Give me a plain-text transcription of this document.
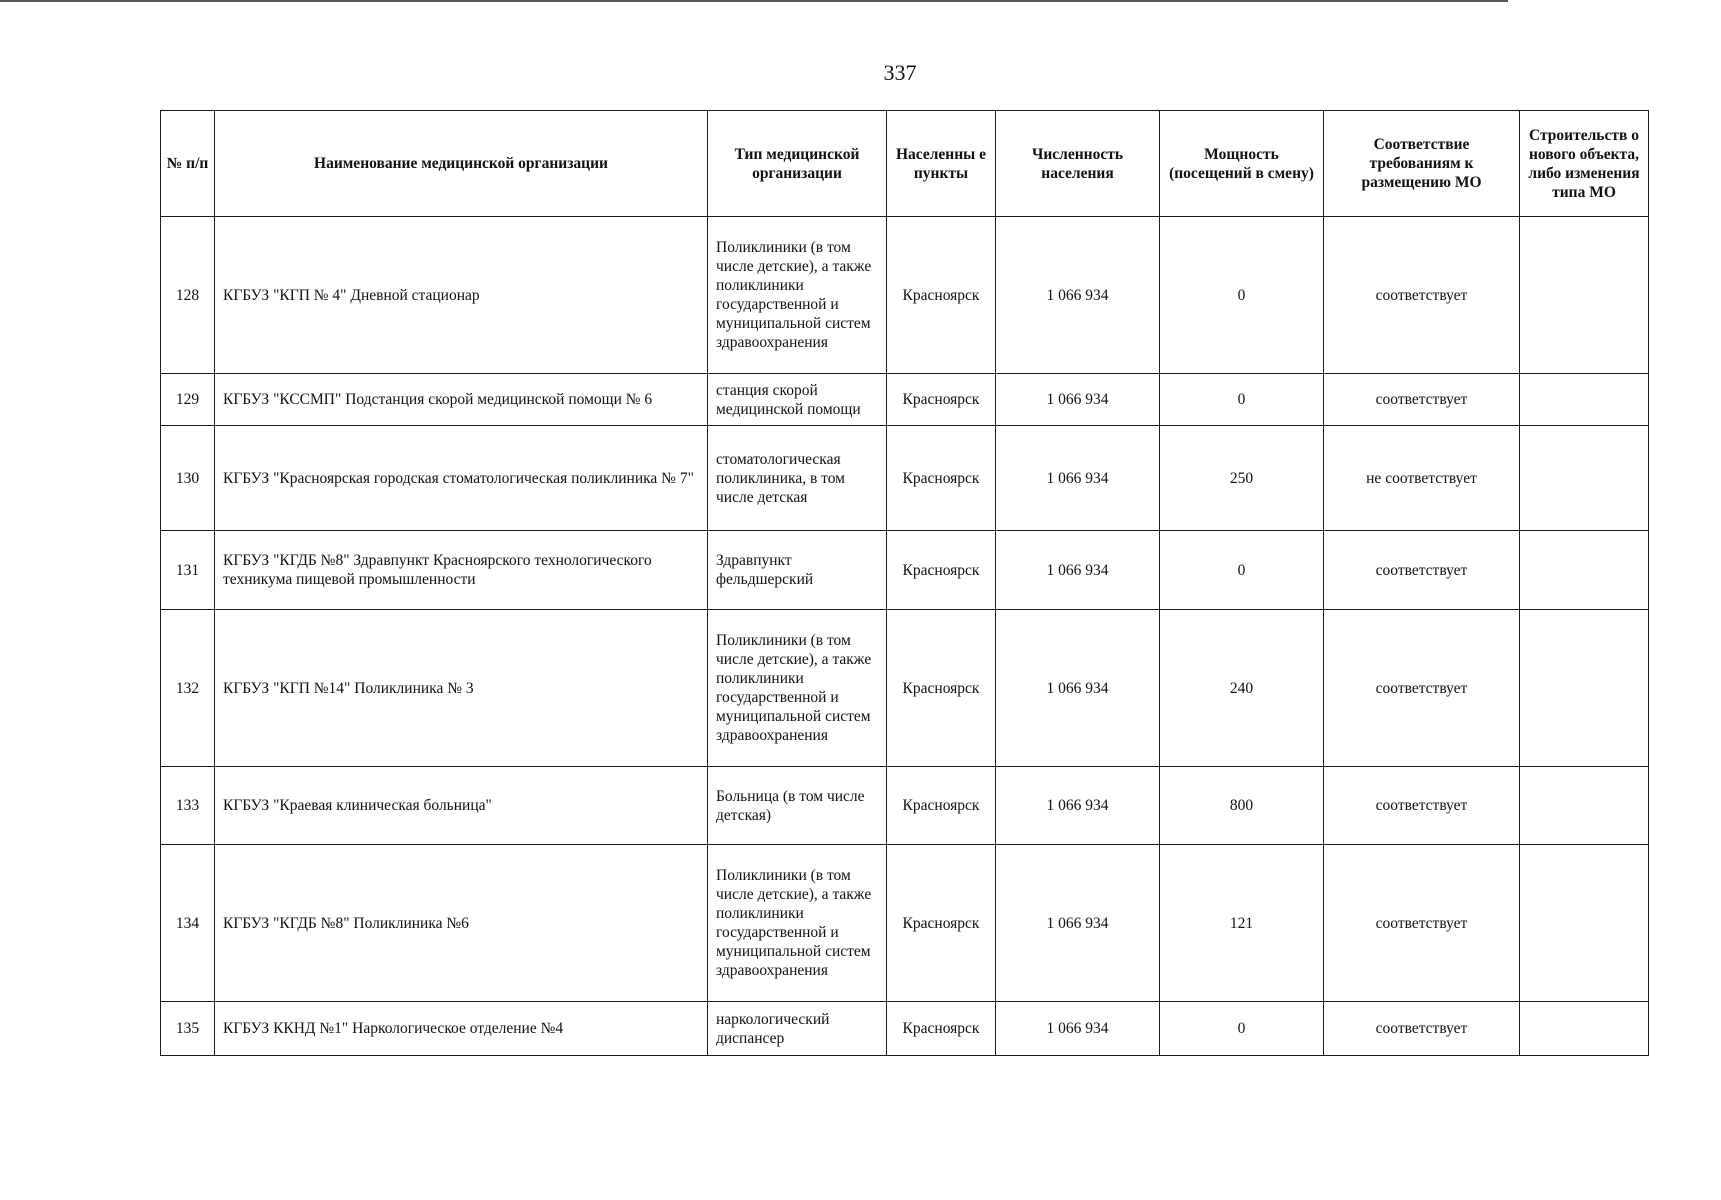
337
№ п/п	Наименование медицинской организации	Тип медицинской организации	Населенны е пункты	Численность населения	Мощность (посещений в смену)	Соответствие требованиям к размещению МО	Строительств о нового объекта, либо изменения типа МО
128	КГБУЗ "КГП № 4" Дневной стационар	Поликлиники (в том числе детские), а также поликлиники государственной и муниципальной систем здравоохранения	Красноярск	1 066 934	0	соответствует	
129	КГБУЗ "КССМП" Подстанция скорой медицинской помощи № 6	станция скорой медицинской помощи	Красноярск	1 066 934	0	соответствует	
130	КГБУЗ "Красноярская городская стоматологическая поликлиника № 7"	стоматологическая поликлиника, в том числе детская	Красноярск	1 066 934	250	не соответствует	
131	КГБУЗ "КГДБ №8" Здравпункт Красноярского технологического техникума пищевой промышленности	Здравпункт фельдшерский	Красноярск	1 066 934	0	соответствует	
132	КГБУЗ "КГП №14" Поликлиника № 3	Поликлиники (в том числе детские), а также поликлиники государственной и муниципальной систем здравоохранения	Красноярск	1 066 934	240	соответствует	
133	КГБУЗ "Краевая клиническая больница"	Больница (в том числе детская)	Красноярск	1 066 934	800	соответствует	
134	КГБУЗ "КГДБ №8" Поликлиника №6	Поликлиники (в том числе детские), а также поликлиники государственной и муниципальной систем здравоохранения	Красноярск	1 066 934	121	соответствует	
135	КГБУЗ ККНД №1" Наркологическое отделение №4	наркологический диспансер	Красноярск	1 066 934	0	соответствует	
